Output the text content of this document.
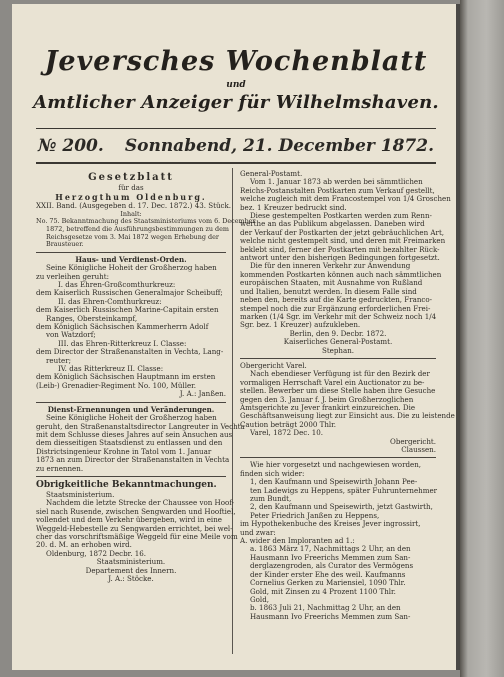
Jeversches Wochenblatt
und
Amtlicher Anzeiger für Wilhelmshaven.
№ 200. Sonnabend, 21. December 1872.
Gesetzblatt
für das
Herzogthum Oldenburg.
XXII. Band. (Ausgegeben d. 17. Dec. 1872.) 43. Stück.
Inhalt:
No. 75. Bekanntmachung des Staatsministeriums vom 6. December
1872, betreffend die Ausführungsbestimmungen zu dem
Reichsgesetze vom 3. Mai 1872 wegen Erhebung der
Brausteuer.
Haus- und Verdienst-Orden.
Seine Königliche Hoheit der Großherzog haben
zu verleihen geruht:
I. das Ehren-Großcomthurkreuz:
dem Kaiserlich Russischen Generalmajor Scheibuff;
II. das Ehren-Comthurkreuz:
dem Kaiserlich Russischen Marine-Capitain ersten
Ranges, Obersteinkampf,
dem Königlich Sächsischen Kammerherrn Adolf
von Watzdorf;
III. das Ehren-Ritterkreuz I. Classe:
dem Director der Straßenanstalten in Vechta, Lang-
reuter;
IV. das Ritterkreuz II. Classe:
dem Königlich Sächsischen Hauptmann im ersten
(Leib-) Grenadier-Regiment No. 100, Müller.
J. A.: Janßen.
Dienst-Ernennungen und Veränderungen.
Seine Königliche Hoheit der Großherzog haben
geruht, den Straßenanstaltsdirector Langreuter in Vechta
mit dem Schlusse dieses Jahres auf sein Ansuchen aus
dem diesseitigen Staatsdienst zu entlassen und den
Districtsingenieur Krohne in Tatol vom 1. Januar
1873 an zum Director der Straßenanstalten in Vechta
zu ernennen.
Obrigkeitliche Bekanntmachungen.
Staatsministerium.
Nachdem die letzte Strecke der Chaussee von Hoof-
siel nach Rusende, zwischen Sengwarden und Hooftiel,
vollendet und dem Verkehr übergeben, wird in eine
Weggeld-Hebestelle zu Sengwarden errichtet, bei wel-
cher das vorschriftsmäßige Weggeld für eine Meile vom
20. d. M. an erhoben wird.
Oldenburg, 1872 Decbr. 16.
Staatsministerium.
Departement des Innern.
J. A.: Stöcke.
General-Postamt.
Vom 1. Januar 1873 ab werden bei sämmtlichen
Reichs-Postanstalten Postkarten zum Verkauf gestellt,
welche zugleich mit dem Francostempel von 1/4 Groschen
bez. 1 Kreuzer bedruckt sind.
Diese gestempelten Postkarten werden zum Renn-
werthe an das Publikum abgelassen. Daneben wird
der Verkauf der Postkarten der jetzt gebräuchlichen Art,
welche nicht gestempelt sind, und deren mit Freimarken
beklebt sind, ferner der Postkarten mit bezahlter Rück-
antwort unter den bisherigen Bedingungen fortgesetzt.
Die für den inneren Verkehr zur Anwendung
kommenden Postkarten können auch nach sämmtlichen
europäischen Staaten, mit Ausnahme von Rußland
und Italien, benutzt werden. In diesem Falle sind
neben den, bereits auf die Karte gedruckten, Franco-
stempel noch die zur Ergänzung erforderlichen Frei-
marken (1/4 Sgr. im Verkehr mit der Schweiz noch 1/4
Sgr. bez. 1 Kreuzer) aufzukleben.
Berlin, den 9. Decbr. 1872.
Kaiserliches General-Postamt.
Stephan.
Obergericht Varel.
Nach ebendieser Verfügung ist für den Bezirk der
vormaligen Herrschaft Varel ein Auctionator zu be-
stellen. Bewerber um diese Stelle haben ihre Gesuche
gegen den 3. Januar f. J. beim Großherzoglichen
Amtsgerichte zu Jever frankirt einzureichen. Die
Geschäftsanweisung liegt zur Einsicht aus. Die zu leistende
Caution beträgt 2000 Thlr.
Varel, 1872 Dec. 10.
Obergericht.
Claussen.
Wie hier vorgesetzt und nachgewiesen worden,
finden sich wider:
1, den Kaufmann und Speisewirth Johann Pee-
ten Ladewigs zu Heppens, später Fuhrunternehmer
zum Bundt,
2, den Kaufmann und Speisewirth, jetzt Gastwirth,
Peter Friedrich Janßen zu Heppens,
im Hypothekenbuche des Kreises Jever ingrossirt,
und zwar:
A. wider den Imploranten ad 1.:
a. 1863 März 17, Nachmittags 2 Uhr, an den
Hausmann Ivo Freerichs Memmen zum San-
derglazengroden, als Curator des Vermögens
der Kinder erster Ehe des weil. Kaufmanns
Cornelius Gerken zu Mariensiel, 1090 Thlr.
Gold, mit Zinsen zu 4 Prozent 1100 Thlr.
Gold,
b. 1863 Juli 21, Nachmittag 2 Uhr, an den
Hausmann Ivo Freerichs Memmen zum San-
